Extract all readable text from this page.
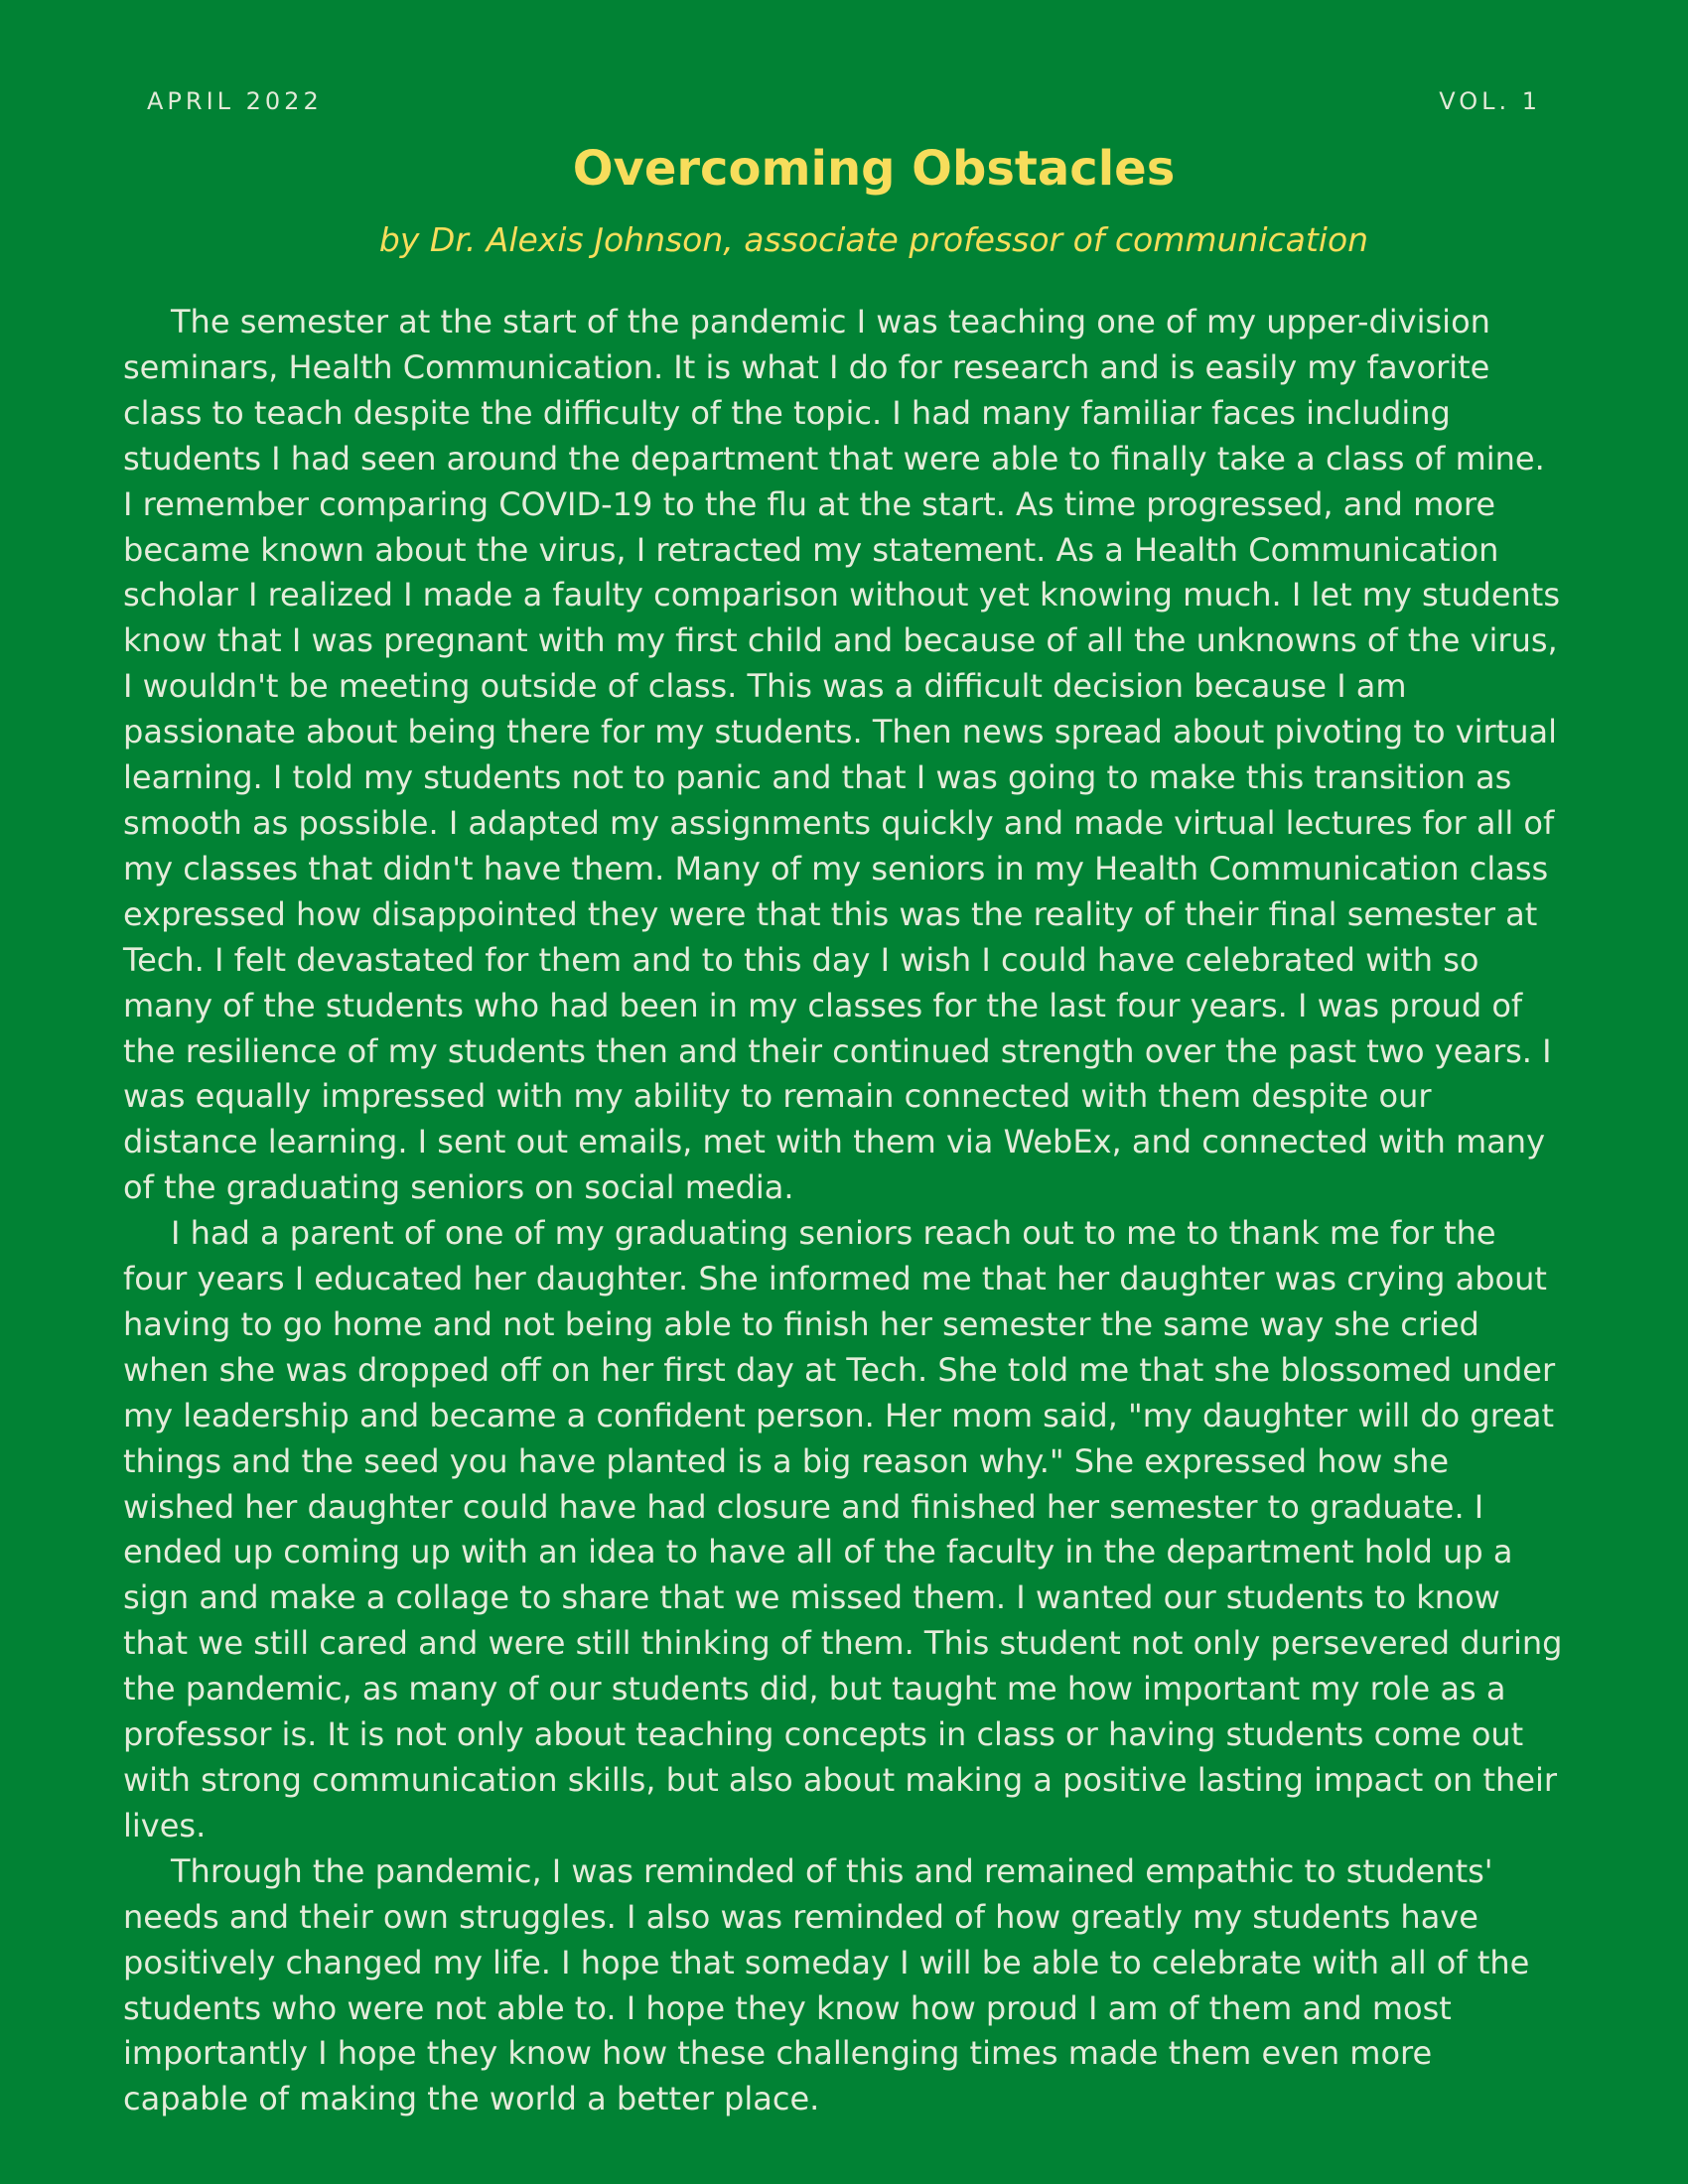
APRIL 2022	VOL. 1
Overcoming Obstacles

by Dr. Alexis Johnson, associate professor of communication

The semester at the start of the pandemic I was teaching one of my upper-division seminars, Health Communication. It is what I do for research and is easily my favorite class to teach despite the difficulty of the topic. I had many familiar faces including students I had seen around the department that were able to finally take a class of mine. I remember comparing COVID-19 to the flu at the start. As time progressed, and more became known about the virus, I retracted my statement. As a Health Communication scholar I realized I made a faulty comparison without yet knowing much. I let my students know that I was pregnant with my first child and because of all the unknowns of the virus, I wouldn't be meeting outside of class. This was a difficult decision because I am passionate about being there for my students. Then news spread about pivoting to virtual learning. I told my students not to panic and that I was going to make this transition as smooth as possible. I adapted my assignments quickly and made virtual lectures for all of my classes that didn't have them. Many of my seniors in my Health Communication class expressed how disappointed they were that this was the reality of their final semester at Tech. I felt devastated for them and to this day I wish I could have celebrated with so many of the students who had been in my classes for the last four years. I was proud of the resilience of my students then and their continued strength over the past two years. I was equally impressed with my ability to remain connected with them despite our distance learning. I sent out emails, met with them via WebEx, and connected with many of the graduating seniors on social media.

I had a parent of one of my graduating seniors reach out to me to thank me for the four years I educated her daughter. She informed me that her daughter was crying about having to go home and not being able to finish her semester the same way she cried when she was dropped off on her first day at Tech. She told me that she blossomed under my leadership and became a confident person. Her mom said, "my daughter will do great things and the seed you have planted is a big reason why." She expressed how she wished her daughter could have had closure and finished her semester to graduate. I ended up coming up with an idea to have all of the faculty in the department hold up a sign and make a collage to share that we missed them. I wanted our students to know that we still cared and were still thinking of them. This student not only persevered during the pandemic, as many of our students did, but taught me how important my role as a professor is. It is not only about teaching concepts in class or having students come out with strong communication skills, but also about making a positive lasting impact on their lives.

Through the pandemic, I was reminded of this and remained empathic to students' needs and their own struggles. I also was reminded of how greatly my students have positively changed my life. I hope that someday I will be able to celebrate with all of the students who were not able to. I hope they know how proud I am of them and most importantly I hope they know how these challenging times made them even more capable of making the world a better place.
